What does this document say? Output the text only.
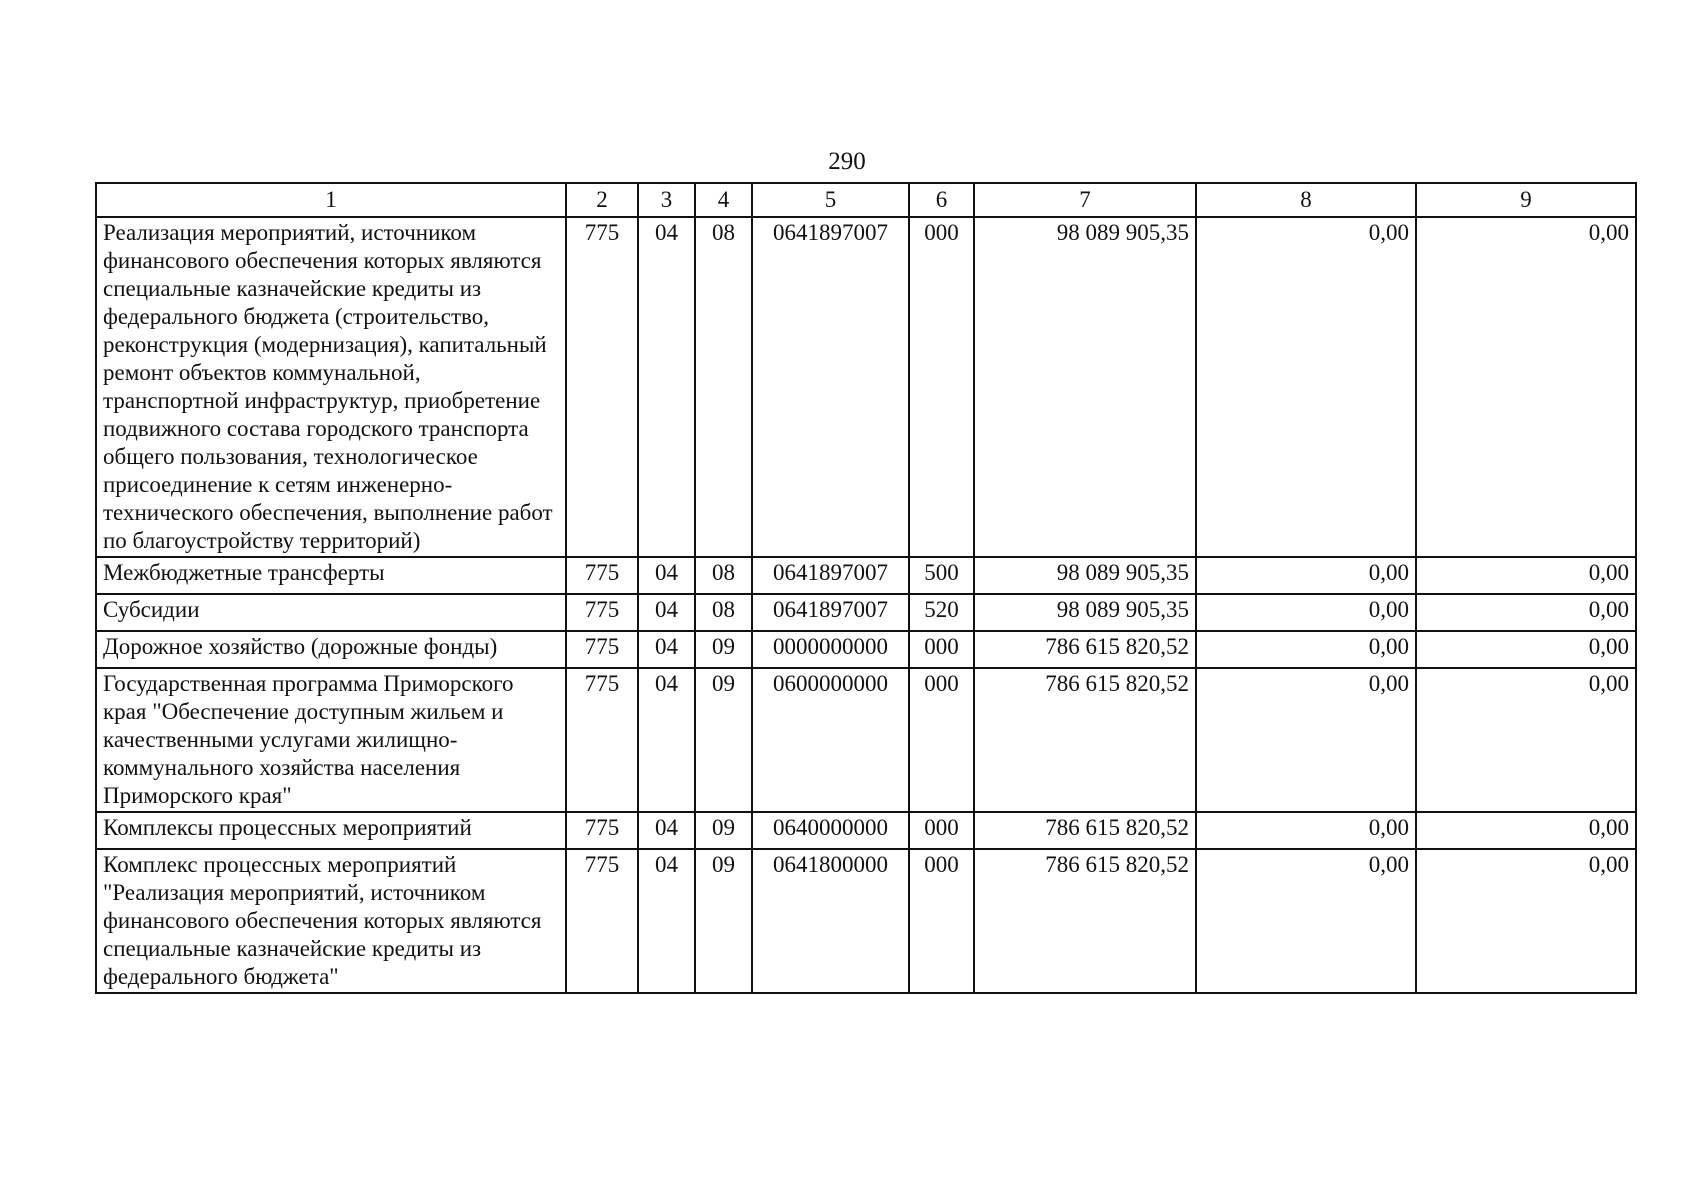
290
1	2	3	4	5	6	7	8	9
Реализация мероприятий, источником финансового обеспечения которых являются специальные казначейские кредиты из федерального бюджета (строительство, реконструкция (модернизация), капитальный ремонт объектов коммунальной, транспортной инфраструктур, приобретение подвижного состава городского транспорта общего пользования, технологическое присоединение к сетям инженерно-технического обеспечения, выполнение работ по благоустройству территорий)	775	04	08	0641897007	000	98 089 905,35	0,00	0,00
Межбюджетные трансферты	775	04	08	0641897007	500	98 089 905,35	0,00	0,00
Субсидии	775	04	08	0641897007	520	98 089 905,35	0,00	0,00
Дорожное хозяйство (дорожные фонды)	775	04	09	0000000000	000	786 615 820,52	0,00	0,00
Государственная программа Приморского края "Обеспечение доступным жильем и качественными услугами жилищно-коммунального хозяйства населения Приморского края"	775	04	09	0600000000	000	786 615 820,52	0,00	0,00
Комплексы процессных мероприятий	775	04	09	0640000000	000	786 615 820,52	0,00	0,00
Комплекс процессных мероприятий "Реализация мероприятий, источником финансового обеспечения которых являются специальные казначейские кредиты из федерального бюджета"	775	04	09	0641800000	000	786 615 820,52	0,00	0,00
